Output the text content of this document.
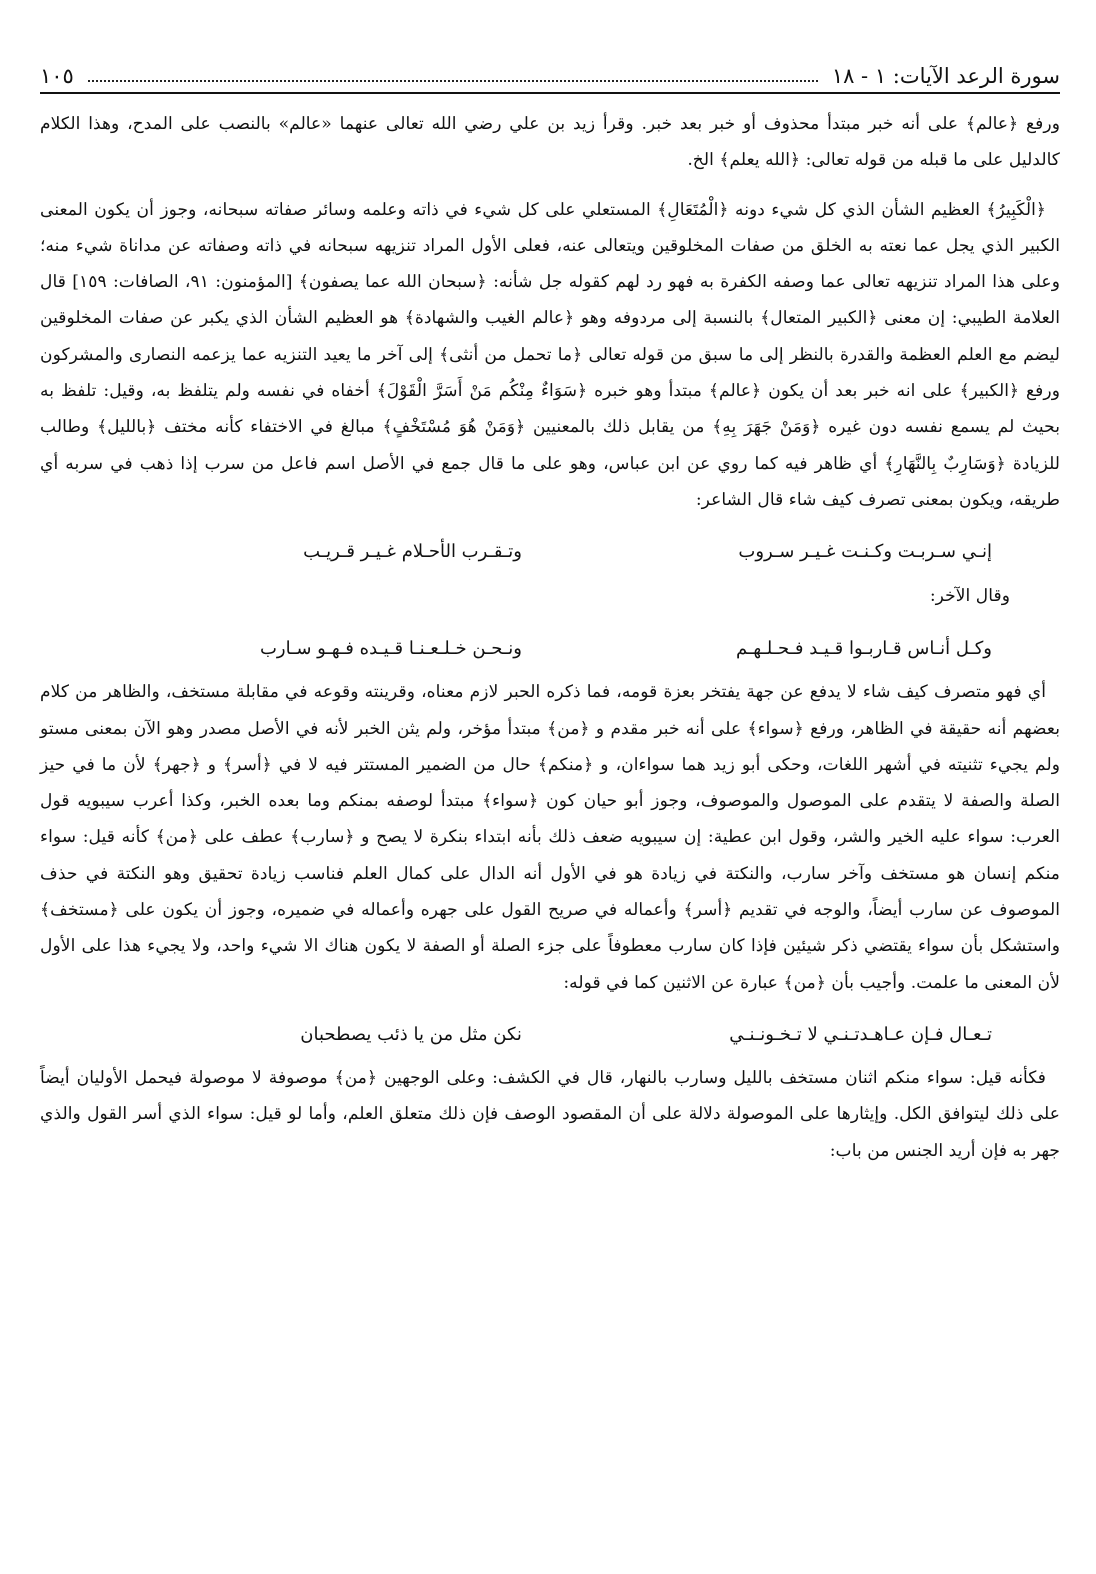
سورة الرعد الآيات: ١ - ١٨
١٠٥

ورفع ﴿عالم﴾ على أنه خبر مبتدأ محذوف أو خبر بعد خبر. وقرأ زيد بن علي رضي الله تعالى عنهما «عالم» بالنصب على المدح، وهذا الكلام كالدليل على ما قبله من قوله تعالى: ﴿الله يعلم﴾ الخ.

﴿الْكَبِيرُ﴾ العظيم الشأن الذي كل شيء دونه ﴿الْمُتَعَالِ﴾ المستعلي على كل شيء في ذاته وعلمه وسائر صفاته سبحانه، وجوز أن يكون المعنى الكبير الذي يجل عما نعته به الخلق من صفات المخلوقين ويتعالى عنه، فعلى الأول المراد تنزيهه سبحانه في ذاته وصفاته عن مداناة شيء منه؛ وعلى هذا المراد تنزيهه تعالى عما وصفه الكفرة به فهو رد لهم كقوله جل شأنه: ﴿سبحان الله عما يصفون﴾ [المؤمنون: ٩١، الصافات: ١٥٩] قال العلامة الطيبي: إن معنى ﴿الكبير المتعال﴾ بالنسبة إلى مردوفه وهو ﴿عالم الغيب والشهادة﴾ هو العظيم الشأن الذي يكبر عن صفات المخلوقين ليضم مع العلم العظمة والقدرة بالنظر إلى ما سبق من قوله تعالى ﴿ما تحمل من أنثى﴾ إلى آخر ما يعيد التنزيه عما يزعمه النصارى والمشركون ورفع ﴿الكبير﴾ على انه خبر بعد أن يكون ﴿عالم﴾ مبتدأ وهو خبره ﴿سَوَاءٌ مِنْكُم مَنْ أَسَرَّ الْقَوْلَ﴾ أخفاه في نفسه ولم يتلفظ به، وقيل: تلفظ به بحيث لم يسمع نفسه دون غيره ﴿وَمَنْ جَهَرَ بِهِ﴾ من يقابل ذلك بالمعنيين ﴿وَمَنْ هُوَ مُسْتَخْفٍ﴾ مبالغ في الاختفاء كأنه مختف ﴿بالليل﴾ وطالب للزيادة ﴿وَسَارِبٌ بِالنَّهَارِ﴾ أي ظاهر فيه كما روي عن ابن عباس، وهو على ما قال جمع في الأصل اسم فاعل من سرب إذا ذهب في سربه أي طريقه، ويكون بمعنى تصرف كيف شاء قال الشاعر:

إنـي سـربـت وكـنـت غـيـر سـروب
وتـقـرب الأحـلام غـيـر قـريـب

وقال الآخر:

وكـل أنـاس قـاربـوا قـيـد فـحـلـهـم
ونـحـن خـلـعـنـا قـيـده فـهـو سـارب

أي فهو متصرف كيف شاء لا يدفع عن جهة يفتخر بعزة قومه، فما ذكره الحبر لازم معناه، وقرينته وقوعه في مقابلة مستخف، والظاهر من كلام بعضهم أنه حقيقة في الظاهر، ورفع ﴿سواء﴾ على أنه خبر مقدم و ﴿من﴾ مبتدأ مؤخر، ولم يثن الخبر لأنه في الأصل مصدر وهو الآن بمعنى مستو ولم يجيء تثنيته في أشهر اللغات، وحكى أبو زيد هما سواءان، و ﴿منكم﴾ حال من الضمير المستتر فيه لا في ﴿أسر﴾ و ﴿جهر﴾ لأن ما في حيز الصلة والصفة لا يتقدم على الموصول والموصوف، وجوز أبو حيان كون ﴿سواء﴾ مبتدأ لوصفه بمنكم وما بعده الخبر، وكذا أعرب سيبويه قول العرب: سواء عليه الخير والشر، وقول ابن عطية: إن سيبويه ضعف ذلك بأنه ابتداء بنكرة لا يصح و ﴿سارب﴾ عطف على ﴿من﴾ كأنه قيل: سواء منكم إنسان هو مستخف وآخر سارب، والنكتة في زيادة هو في الأول أنه الدال على كمال العلم فناسب زيادة تحقيق وهو النكتة في حذف الموصوف عن سارب أيضاً، والوجه في تقديم ﴿أسر﴾ وأعماله في صريح القول على جهره وأعماله في ضميره، وجوز أن يكون على ﴿مستخف﴾ واستشكل بأن سواء يقتضي ذكر شيئين فإذا كان سارب معطوفاً على جزء الصلة أو الصفة لا يكون هناك الا شيء واحد، ولا يجيء هذا على الأول لأن المعنى ما علمت. وأجيب بأن ﴿من﴾ عبارة عن الاثنين كما في قوله:

تـعـال فـإن عـاهـدتـنـي لا تـخـونـنـي
نكن مثل من يا ذئب يصطحبان

فكأنه قيل: سواء منكم اثنان مستخف بالليل وسارب بالنهار، قال في الكشف: وعلى الوجهين ﴿من﴾ موصوفة لا موصولة فيحمل الأوليان أيضاً على ذلك ليتوافق الكل. وإيثارها على الموصولة دلالة على أن المقصود الوصف فإن ذلك متعلق العلم، وأما لو قيل: سواء الذي أسر القول والذي جهر به فإن أريد الجنس من باب:
